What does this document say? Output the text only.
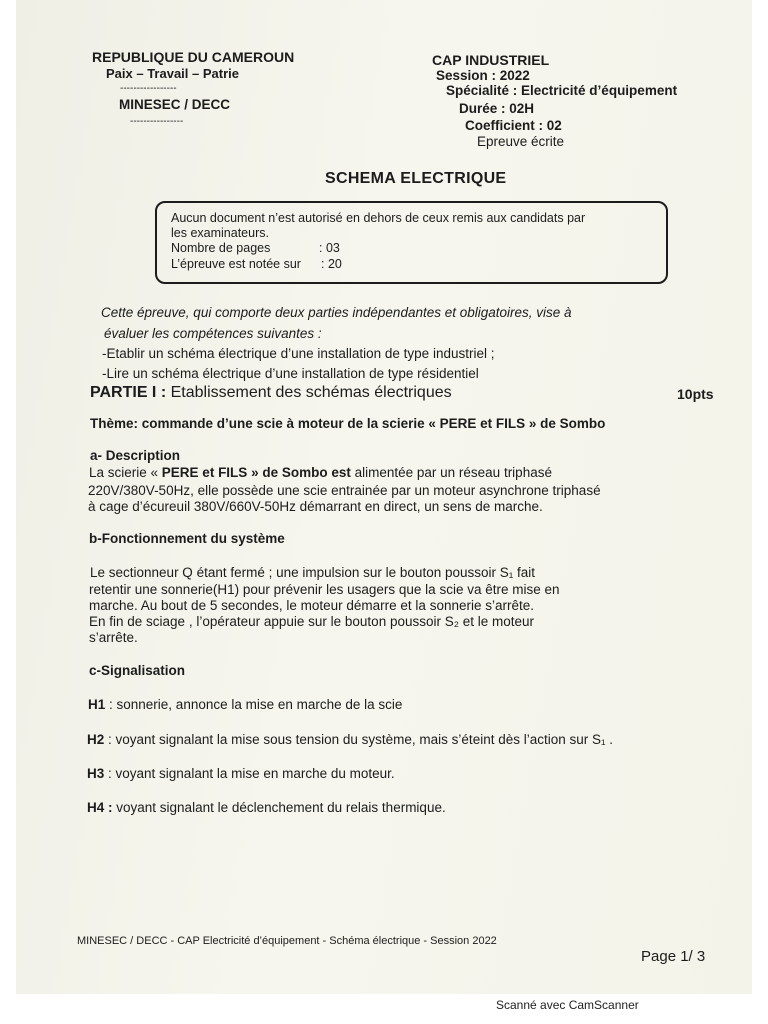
REPUBLIQUE DU CAMEROUN
Paix – Travail – Patrie
-----------------
MINESEC / DECC
----------------
CAP INDUSTRIEL
Session : 2022
Spécialité : Electricité d’équipement
Durée : 02H
Coefficient : 02
Epreuve écrite
SCHEMA ELECTRIQUE
Aucun document n’est autorisé en dehors de ceux remis aux candidats par
les examinateurs.
Nombre de pages	: 03
L’épreuve est notée sur : 20
Cette épreuve, qui comporte deux parties indépendantes et obligatoires, vise à
évaluer les compétences suivantes :
-Etablir un schéma électrique d’une installation de type industriel ;
-Lire un schéma électrique d’une installation de type résidentiel
PARTIE I : Etablissement des schémas électriques	10pts
Thème: commande d’une scie à moteur de la scierie « PERE et FILS » de Sombo
a- Description
La scierie « PERE et FILS » de Sombo est alimentée par un réseau triphasé
220V/380V-50Hz, elle possède une scie entrainée par un moteur asynchrone triphasé
à cage d’écureuil 380V/660V-50Hz démarrant en direct, un sens de marche.
b-Fonctionnement du système
Le sectionneur Q étant fermé ; une impulsion sur le bouton poussoir S₁ fait
retentir une sonnerie(H1) pour prévenir les usagers que la scie va être mise en
marche. Au bout de 5 secondes, le moteur démarre et la sonnerie s’arrête.
En fin de sciage , l’opérateur appuie sur le bouton poussoir S₂ et le moteur
s’arrête.
c-Signalisation
H1 : sonnerie, annonce la mise en marche de la scie
H2 : voyant signalant la mise sous tension du système, mais s’éteint dès l’action sur S₁ .
H3 : voyant signalant la mise en marche du moteur.
H4 : voyant signalant le déclenchement du relais thermique.
MINESEC / DECC - CAP Electricité d’équipement - Schéma électrique - Session 2022
Page 1/ 3
Scanné avec CamScanner
